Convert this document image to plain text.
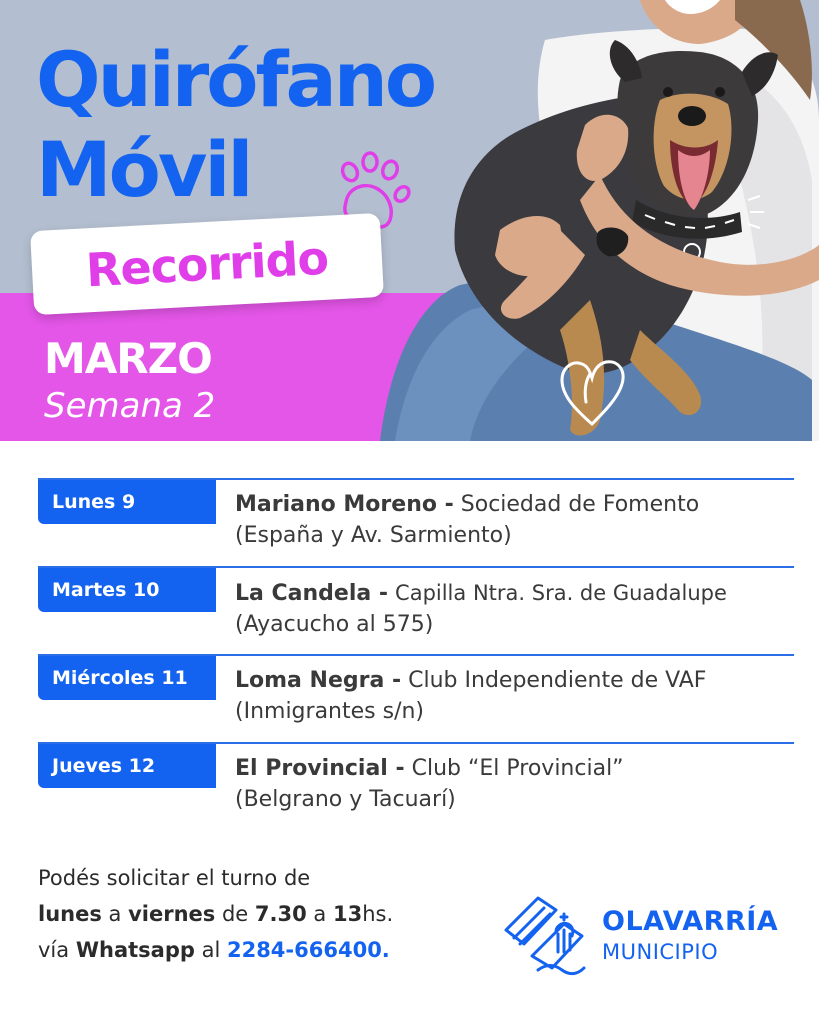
Quirófano
Móvil
Recorrido
MARZO

Semana 2

Lunes 9	Mariano Moreno - Sociedad de Fomento
(España y Av. Sarmiento)
Martes 10	La Candela - Capilla Ntra. Sra. de Guadalupe
(Ayacucho al 575)
Miércoles 11	Loma Negra - Club Independiente de VAF
(Inmigrantes s/n)
Jueves 12	El Provincial - Club “El Provincial”
(Belgrano y Tacuarí)
Podés solicitar el turno de
lunes a viernes de 7.30 a 13hs.
vía Whatsapp al 2284-666400.
OLAVARRÍA
MUNICIPIO
